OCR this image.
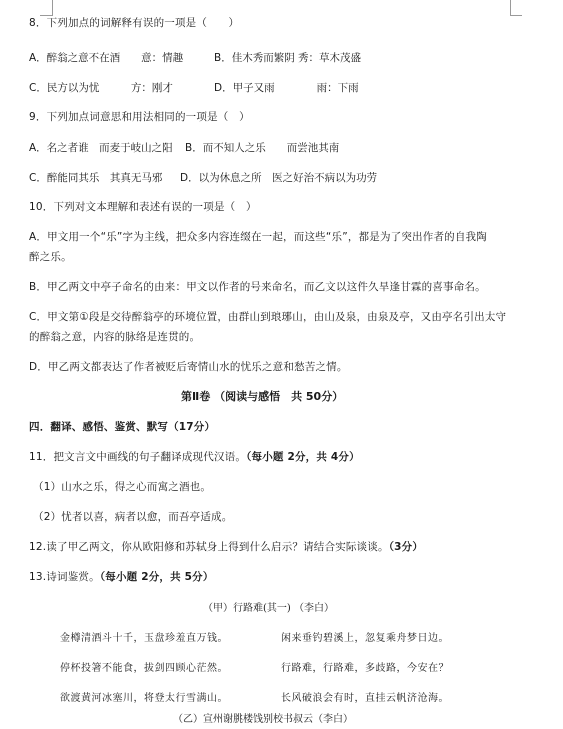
8．下列加点的词解释有误的一项是（　　）
A．醉翁之意不在酒　　意：情趣	B．佳木秀而繁阴 秀：草木茂盛
C．民方以为忧　　　方：刚才	D．甲子又雨　　　　雨：下雨
9．下列加点词意思和用法相同的一项是（　）
A．名之者谁　而麦于岐山之阳 B．而不知人之乐　　而尝池其南
C．醉能同其乐　其真无马邪 D．以为休息之所　医之好治不病以为功劳
10．下列对文本理解和表述有误的一项是（　）
A．甲文用一个“乐”字为主线，把众多内容连缀在一起，而这些“乐”，都是为了突出作者的自我陶
醉之乐。
B．甲乙两文中亭子命名的由来：甲文以作者的号来命名，而乙文以这件久旱逢甘霖的喜事命名。
C．甲文第①段是交待醉翁亭的环境位置，由群山到琅琊山，由山及泉，由泉及亭，又由亭名引出太守
的醉翁之意，内容的脉络是连贯的。
D．甲乙两文都表达了作者被贬后寄情山水的忧乐之意和愁苦之情。
第Ⅱ卷 （阅读与感悟　共 50分）
四．翻译、感悟、鉴赏、默写（17分）
11．把文言文中画线的句子翻译成现代汉语。（每小题 2分，共 4分）
（1）山水之乐，得之心而寓之酒也。
（2）忧者以喜，病者以愈，而吾亭适成。
12.读了甲乙两文，你从欧阳修和苏轼身上得到什么启示？请结合实际谈谈。（3分）
13.诗词鉴赏。（每小题 2分，共 5分）
（甲）行路难(其一) （李白）
金樽清酒斗十千，玉盘珍羞直万钱。	闲来垂钓碧溪上，忽复乘舟梦日边。
停杯投箸不能食，拔剑四顾心茫然。	行路难，行路难，多歧路，今安在？
欲渡黄河冰塞川，将登太行雪满山。	长风破浪会有时，直挂云帆济沧海。
（乙）宣州谢朓楼饯别校书叔云（李白）
